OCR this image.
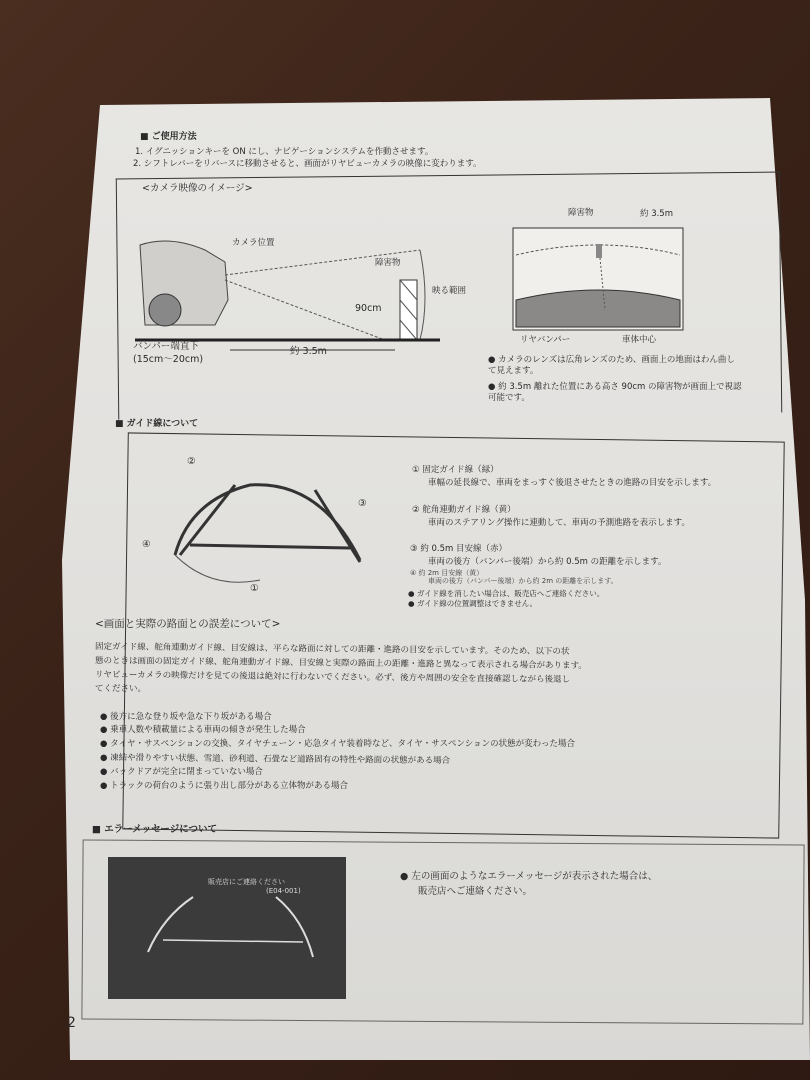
■ ご使用方法
1. イグニッションキーを ON にし、ナビゲーションシステムを作動させます。
2. シフトレバーをリバースに移動させると、画面がリヤビューカメラの映像に変わります。
<カメラ映像のイメージ>
カメラ位置
障害物
90cm
映る範囲
バンパー端直下
(15cm〜20cm)
約 3.5m
障害物	約 3.5m
リヤバンパー	車体中心
● カメラのレンズは広角レンズのため、画面上の地面はわん曲して見えます。
● 約 3.5m 離れた位置にある高さ 90cm の障害物が画面上で視認可能です。
■ ガイド線について
②
③
④
①
① 固定ガイド線（緑）
車幅の延長線で、車両をまっすぐ後退させたときの進路の目安を示します。
② 舵角連動ガイド線（黄）
車両のステアリング操作に連動して、車両の予測進路を表示します。
③ 約 0.5m 目安線（赤）
車両の後方（バンパー後端）から約 0.5m の距離を示します。
④ 約 2m 目安線（黄）
車両の後方（バンパー後端）から約 2m の距離を示します。
● ガイド線を消したい場合は、販売店へご連絡ください。
● ガイド線の位置調整はできません。
<画面と実際の路面との誤差について>
固定ガイド線、舵角連動ガイド線、目安線は、平らな路面に対しての距離・進路の目安を示しています。そのため、以下の状
態のときは画面の固定ガイド線、舵角連動ガイド線、目安線と実際の路面上の距離・進路と異なって表示される場合があります。
リヤビューカメラの映像だけを見ての後退は絶対に行わないでください。必ず、後方や周囲の安全を直接確認しながら後退し
てください。
● 後方に急な登り坂や急な下り坂がある場合
● 乗車人数や積載量による車両の傾きが発生した場合
● タイヤ・サスペンションの交換、タイヤチェーン・応急タイヤ装着時など、タイヤ・サスペンションの状態が変わった場合
● 凍結や滑りやすい状態、雪道、砂利道、石畳など道路固有の特性や路面の状態がある場合
● バックドアが完全に閉まっていない場合
● トラックの荷台のように張り出し部分がある立体物がある場合
■ エラーメッセージについて
販売店にご連絡ください
(E04-001)
● 左の画面のようなエラーメッセージが表示された場合は、
販売店へご連絡ください。
2
